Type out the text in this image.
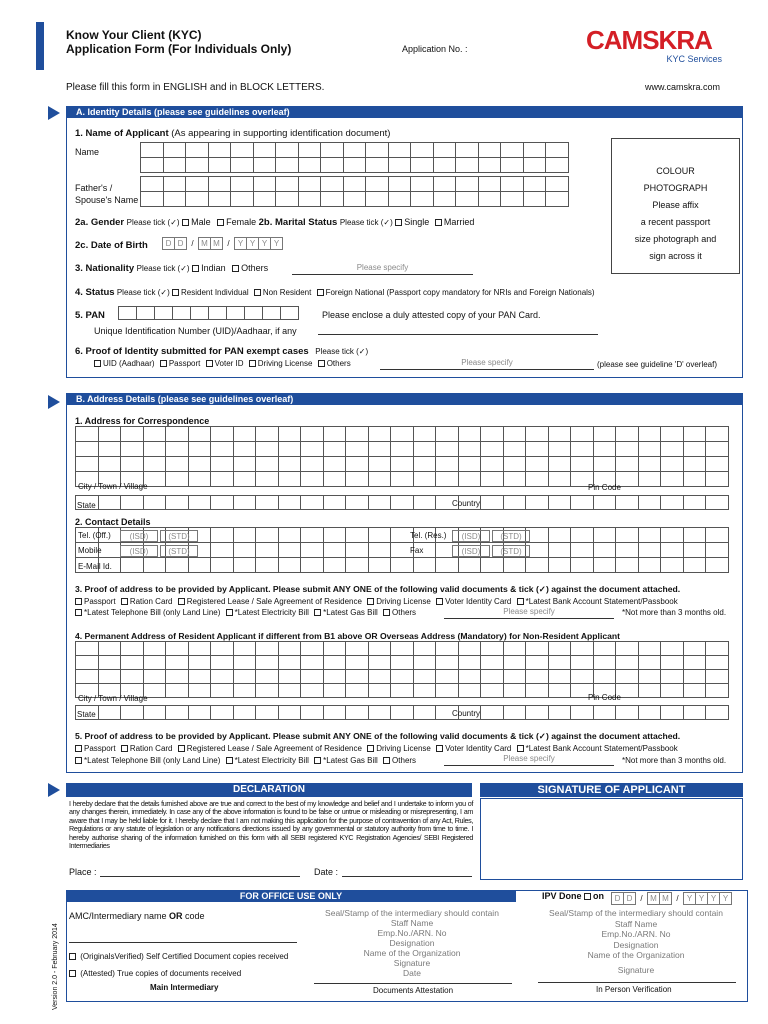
Know Your Client (KYC)
Application Form (For Individuals Only)	Application No. :	CAMSKRA
KYC Services
Please fill this form in ENGLISH and in BLOCK LETTERS.	www.camskra.com
A. Identity Details (please see guidelines overleaf)
1. Name of Applicant (As appearing in supporting identification document)
Name

Father's /
Spouse's Name

COLOUR
PHOTOGRAPH
Please affix
a recent passport
size photograph and
sign across it
2a. Gender Please tick (✓) Male Female 2b. Marital Status Please tick (✓) Single Married
2c. Date of Birth D	D	/	M	M	/	Y	Y	Y	Y
3. Nationality Please tick (✓) Indian Others	Please specify
4. Status Please tick (✓) Resident Individual Non Resident Foreign National (Passport copy mandatory for NRIs and Foreign Nationals)
5. PAN
										Please enclose a duly attested copy of your PAN Card.
Unique Identification Number (UID)/Aadhaar, if any
6. Proof of Identity submitted for PAN exempt cases Please tick (✓)
UID (Aadhaar) Passport Voter ID Driving License Others	Please specify	(please see guideline 'D' overleaf)
B. Address Details (please see guidelines overleaf)
1. Address for Correspondence

City / Town / Village	Pin Code

State	Country
2. Contact Details

Tel. (Off.) (ISD)	(STD)	Tel. (Res.) (ISD)	(STD)
Mobile	(ISD)	(STD)	Fax	(ISD)	(STD)
E-Mail Id.
3. Proof of address to be provided by Applicant. Please submit ANY ONE of the following valid documents & tick (✓) against the document attached.
Passport Ration Card Registered Lease / Sale Agreement of Residence Driving License Voter Identity Card *Latest Bank Account Statement/Passbook
*Latest Telephone Bill (only Land Line) *Latest Electricity Bill *Latest Gas Bill Others	Please specify	*Not more than 3 months old.
4. Permanent Address of Resident Applicant if different from B1 above OR Overseas Address (Mandatory) for Non-Resident Applicant

City / Town / Village	Pin Code

State	Country
5. Proof of address to be provided by Applicant. Please submit ANY ONE of the following valid documents & tick (✓) against the document attached.
Passport Ration Card Registered Lease / Sale Agreement of Residence Driving License Voter Identity Card *Latest Bank Account Statement/Passbook
*Latest Telephone Bill (only Land Line) *Latest Electricity Bill *Latest Gas Bill Others	Please specify	*Not more than 3 months old.
DECLARATION
I hereby declare that the details furnished above are true and correct to the best of my knowledge and belief and I undertake to inform you of any changes therein, immediately. In case any of the above information is found to be false or untrue or misleading or misrepresenting, I am aware that I may be held liable for it. I hereby declare that I am not making this application for the purpose of contravention of any Act, Rules, Regulations or any statute of legislation or any notifications directions issued by any governmental or statutory authority from time to time. I hereby authorise sharing of the information furnished on this form with all SEBI registered KYC Registration Agencies/ SEBI Registered Intermediaries
Place :	Date :
SIGNATURE OF APPLICANT
FOR OFFICE USE ONLY	IPV Done on D	D	/	M	M	/	Y	Y	Y	Y
Version 2.0 - February 2014
AMC/Intermediary name OR code
(OriginalsVerified) Self Certified Document copies received
(Attested) True copies of documents received
Main Intermediary
Seal/Stamp of the intermediary should contain
Staff Name
Emp.No./ARN. No
Designation
Name of the Organization
Signature
Date
Documents Attestation
Seal/Stamp of the intermediary should contain
Staff Name
Emp.No./ARN. No
Designation
Name of the Organization
Signature
In Person Verification
